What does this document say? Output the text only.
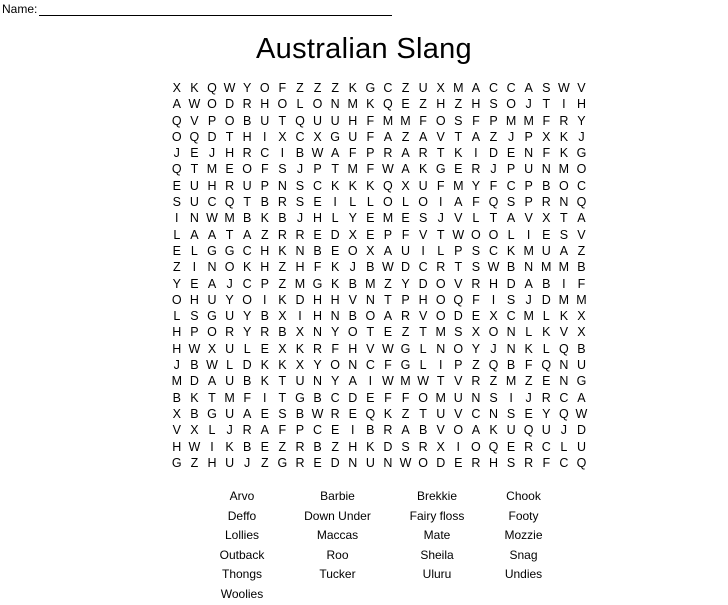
Name:
Australian Slang
X K Q W Y O F Z Z Z K G C Z U X M A C C A S W V
A W O D R H O L O N M K Q E Z H Z H S O J T I H
Q V P O B U T Q U U H F M M F O S F P M M F R Y
O Q D T H I X C X G U F A Z A V T A Z J P X K J
J E J H R C I B W A F P R A R T K I D E N F K G
Q T M E O F S J P T M F W A K G E R J P U N M O
E U H R U P N S C K K K Q X U F M Y F C P B O C
S U C Q T B R S E I L L O L O I A F Q S P R N Q
I N W M B K B J H L Y E M E S J V L T A V X T A
L A A T A Z R R E D X E P F V T W O O L I E S V
E L G G C H K N B E O X A U I L P S C K M U A Z
Z I N O K H Z H F K J B W D C R T S W B N M M B
Y E A J C P Z M G K B M Z Y D O V R H D A B I F
O H U Y O I K D H H V N T P H O Q F I S J D M M
L S G U Y B X I H N B O A R V O D E X C M L K X
H P O R Y R B X N Y O T E Z T M S X O N L K V X
H W X U L E X K R F H V W G L N O Y J N K L Q B
J B W L D K K X Y O N C F G L I P Z Q B F Q N U
M D A U B K T U N Y A I W M W T V R Z M Z E N G
B K T M F I T G B C D E F F O M U N S I	J R C A
X B G U A E S B W R E Q K Z T U V C N S E Y Q W
V X L J R A F P C E I B R A B V O A K U Q U J D
H W I K B E Z R B Z H K D S R X I O Q E R C L U
G Z H U J Z G R E D N U N W O D E R H S R F C Q
Arvo	Barbie	Brekkie	Chook
Deffo	Down Under	Fairy floss	Footy
Lollies	Maccas	Mate	Mozzie
Outback	Roo	Sheila	Snag
Thongs	Tucker	Uluru	Undies
Woolies
